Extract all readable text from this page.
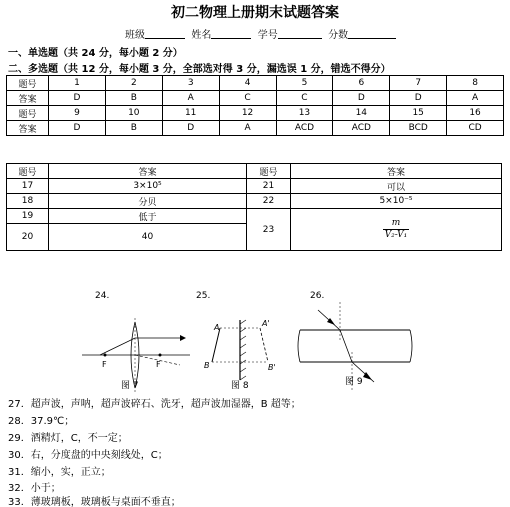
初二物理上册期末试题答案
班级	姓名	学号	分数
一、单选题（共 24 分，每小题 2 分）
二、多选题（共 12 分，每小题 3 分，全部选对得 3 分，漏选误 1 分，错选不得分）
题号	1	2	3	4	5	6	7	8
答案	D	B	A	C	C	D	D	A
题号	9	10	11	12	13	14	15	16
答案	D	B	D	A	ACD	ACD	BCD	CD
题号	答案	题号	答案
17	3×10⁵	21	可以
18	分贝	22	5×10⁻⁵
19	低于	23	$\frac{m}{\text{V₂-V₁}}$

20	40		
24.	25.	26.
F	F
A	A'
B	B'
图 7	图 8	图 9
27．超声波，声呐，超声波碎石、洗牙，超声波加湿器，B 超等；
28．37.9℃；
29．酒精灯，C，不一定；
30．右，分度盘的中央刻线处，C；
31．缩小，实，正立；
32．小于；
33．薄玻璃板，玻璃板与桌面不垂直；
